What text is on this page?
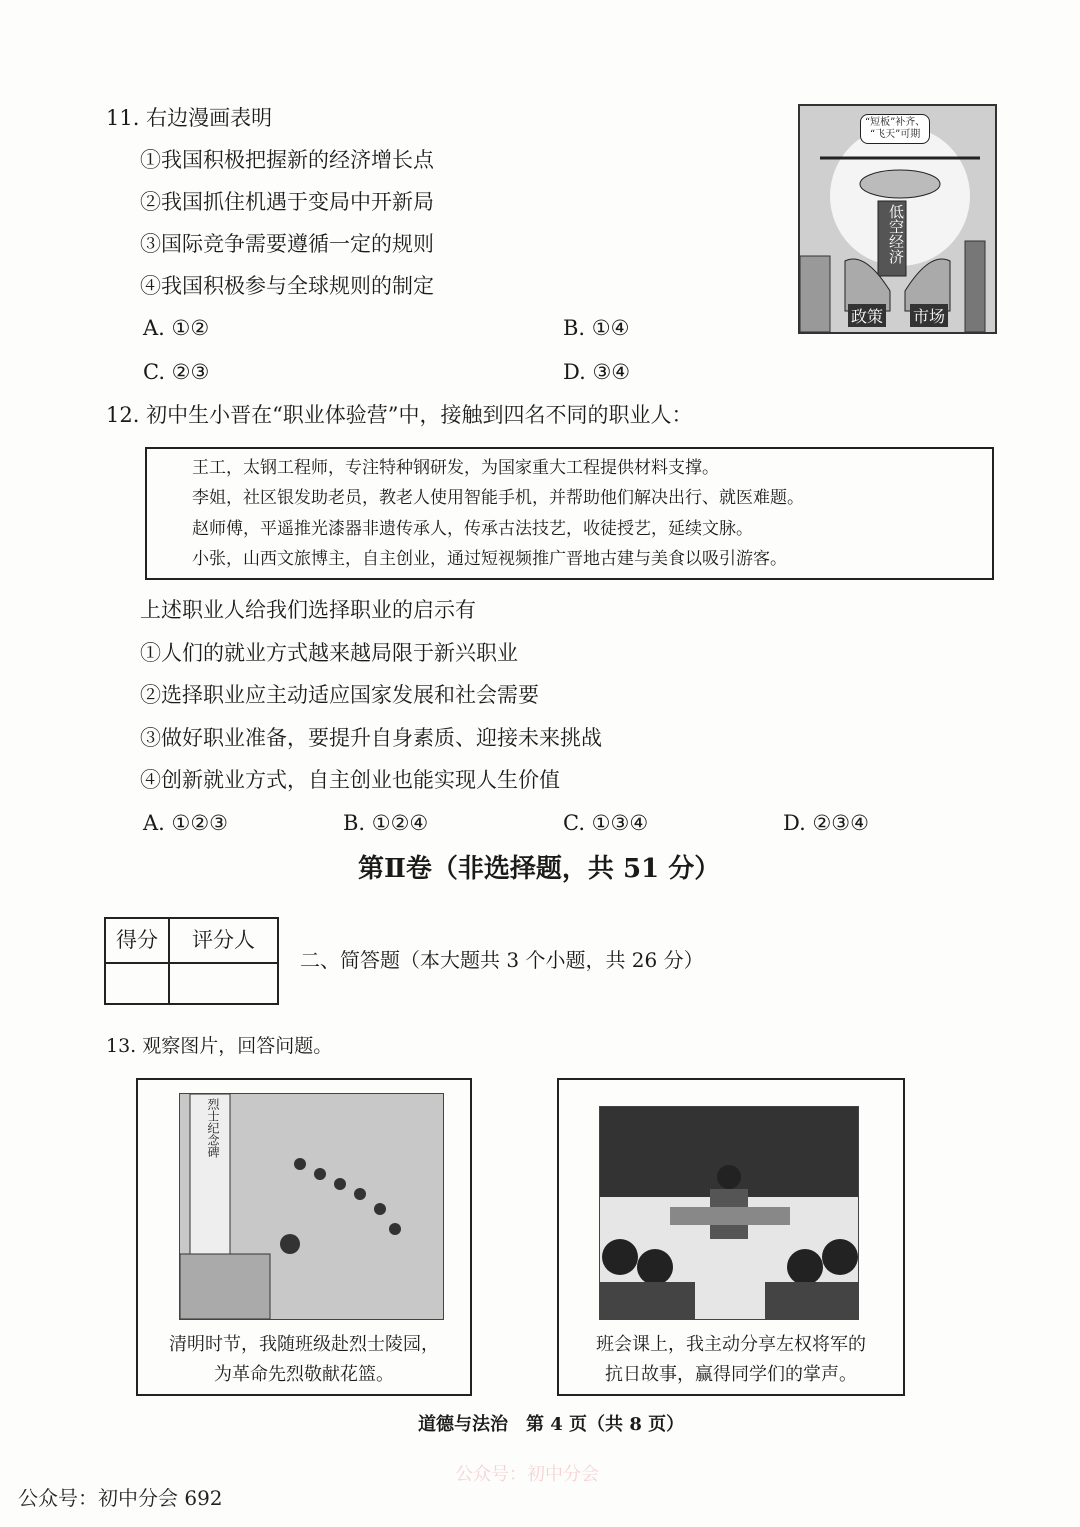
11. 右边漫画表明
①我国积极把握新的经济增长点
②我国抓住机遇于变局中开新局
③国际竞争需要遵循一定的规则
④我国积极参与全球规则的制定
A. ①②	B. ①④
C. ②③	D. ③④
“短板”补齐、
“飞天”可期
低空经济
政策 市场
12. 初中生小晋在“职业体验营”中，接触到四名不同的职业人：
王工，太钢工程师，专注特种钢研发，为国家重大工程提供材料支撑。
李姐，社区银发助老员，教老人使用智能手机，并帮助他们解决出行、就医难题。
赵师傅，平遥推光漆器非遗传承人，传承古法技艺，收徒授艺，延续文脉。
小张，山西文旅博主，自主创业，通过短视频推广晋地古建与美食以吸引游客。
上述职业人给我们选择职业的启示有
①人们的就业方式越来越局限于新兴职业
②选择职业应主动适应国家发展和社会需要
③做好职业准备，要提升自身素质、迎接未来挑战
④创新就业方式，自主创业也能实现人生价值
A. ①②③	B. ①②④	C. ①③④	D. ②③④
第Ⅱ卷（非选择题，共 51 分）
得分 评分人
二、简答题（本大题共 3 个小题，共 26 分）
13. 观察图片，回答问题。
烈士纪念碑
清明时节，我随班级赴烈士陵园，
为革命先烈敬献花篮。
班会课上，我主动分享左权将军的
抗日故事，赢得同学们的掌声。
道德与法治　第 4 页（共 8 页）
公众号：初中分会
公众号：初中分会 692
